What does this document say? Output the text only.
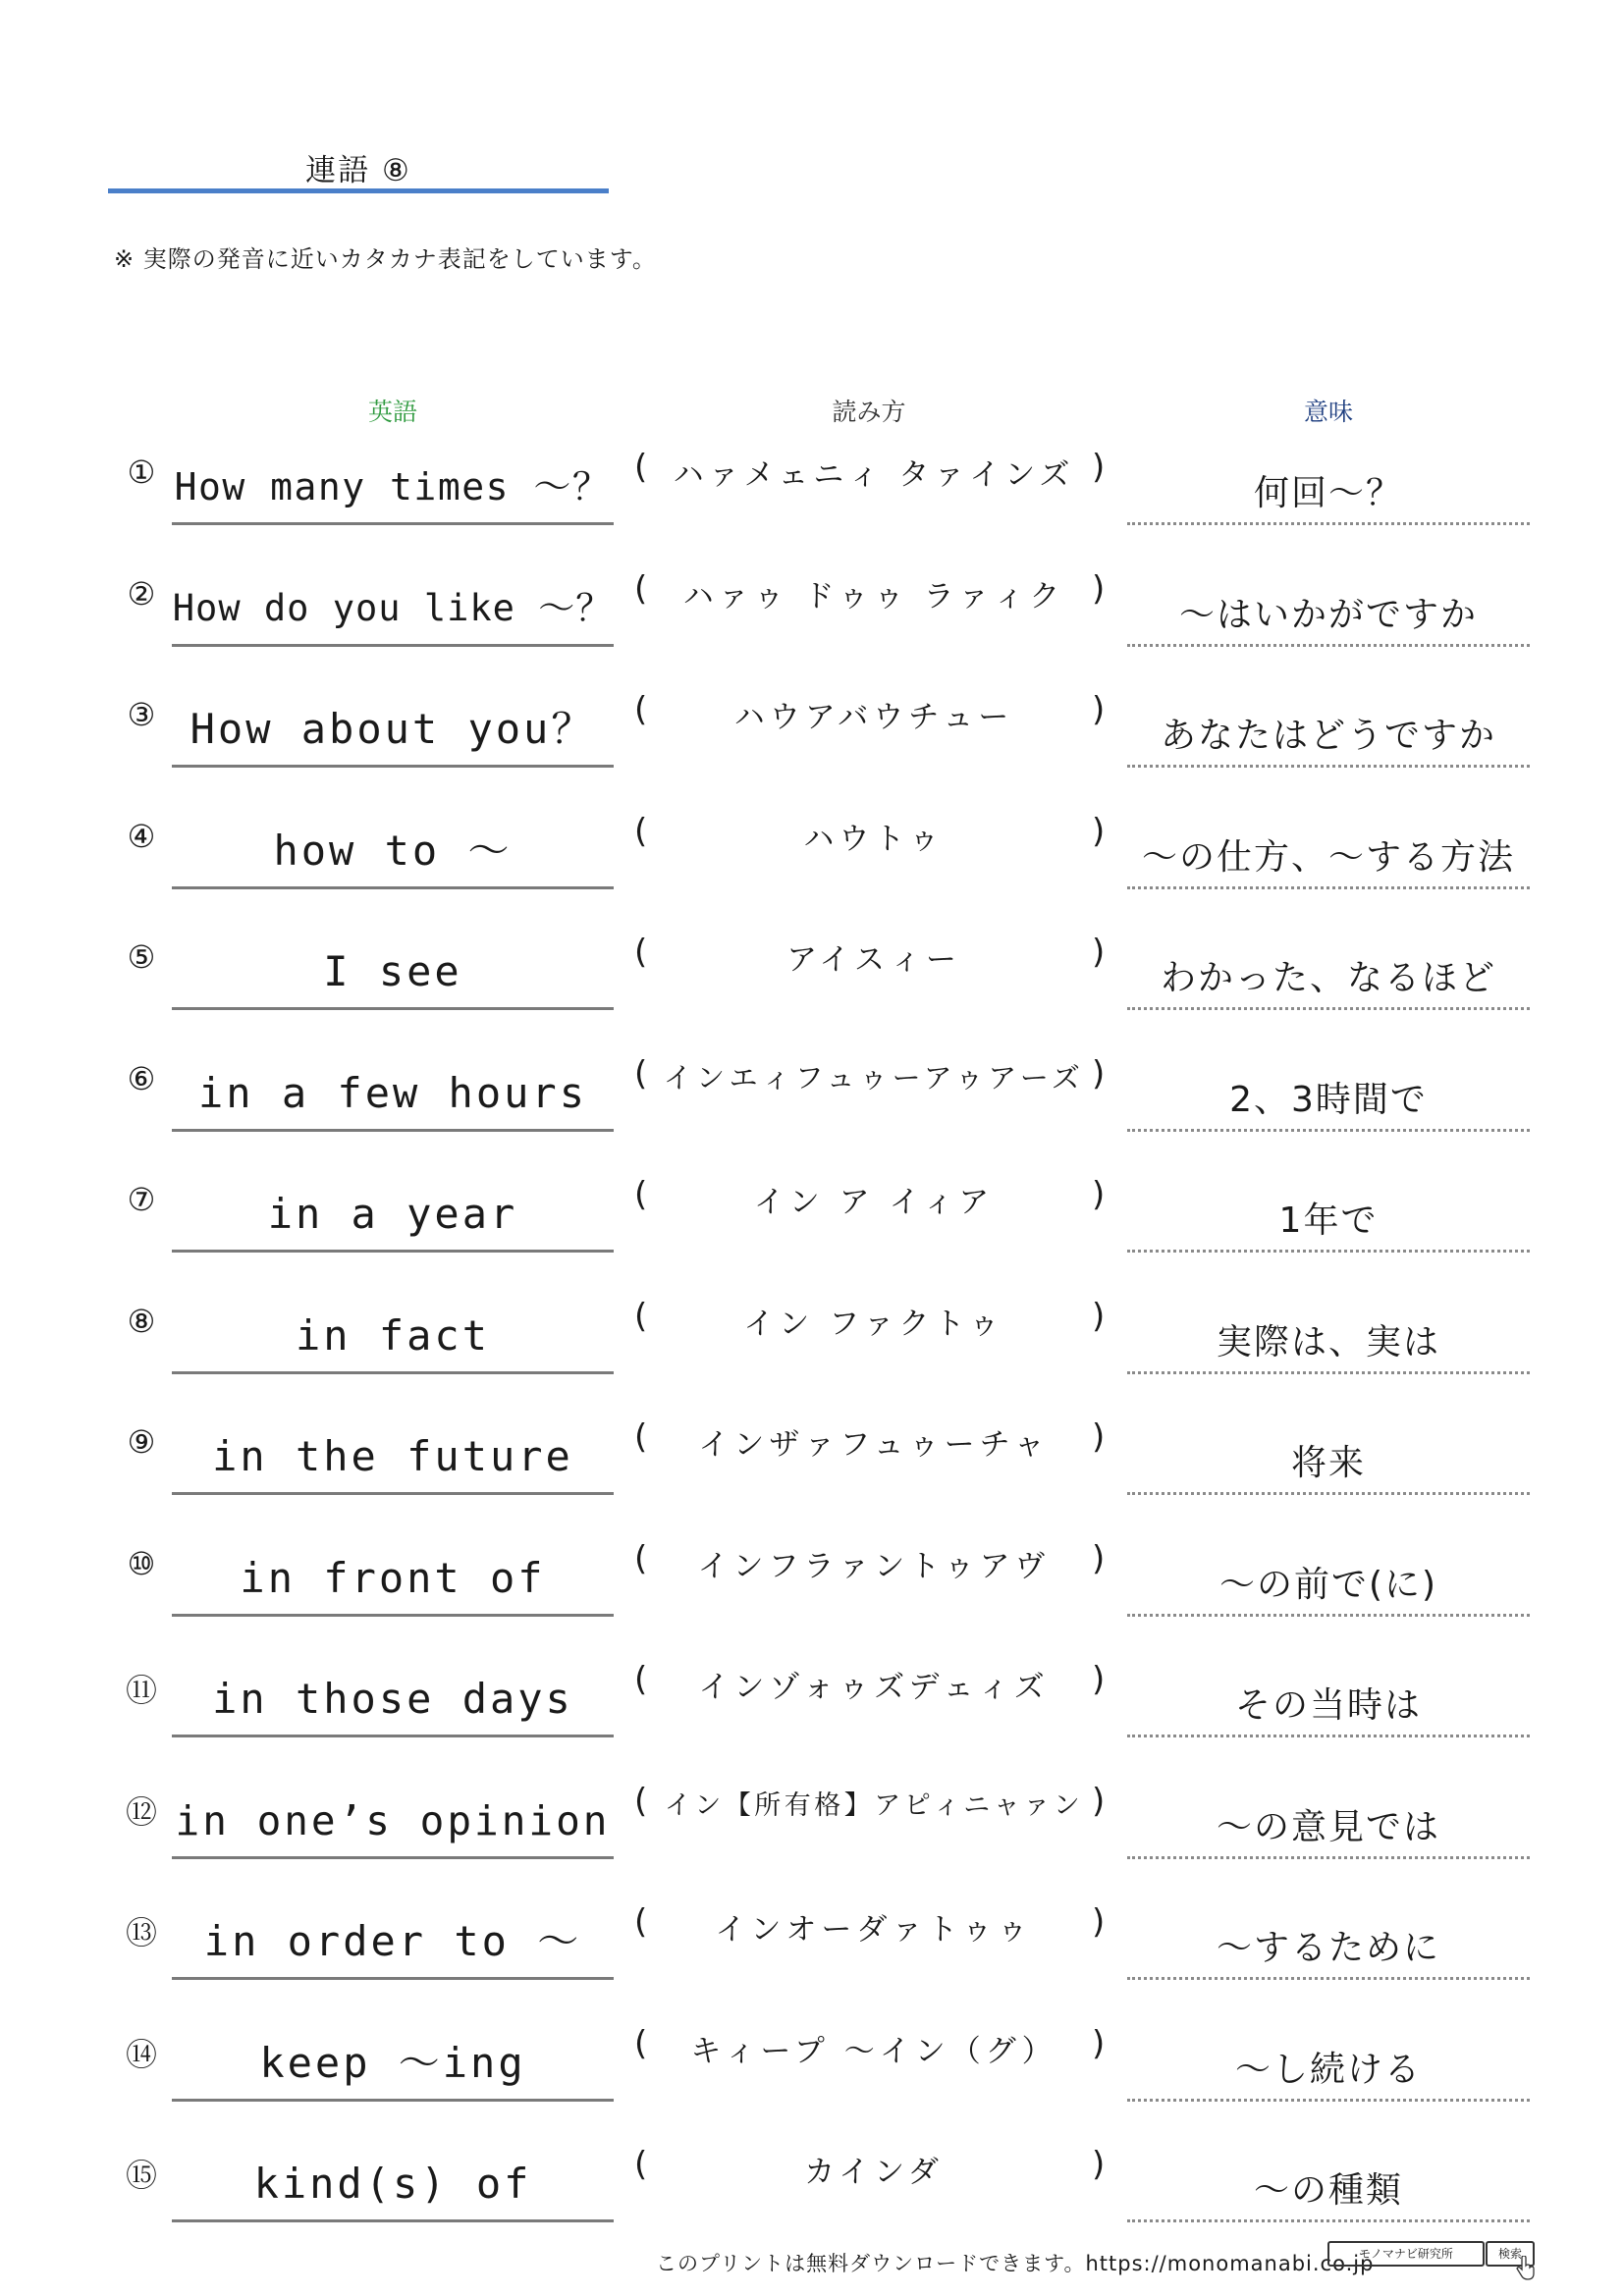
連語 ⑧
※ 実際の発音に近いカタカナ表記をしています。
英語	読み方	意味
① How many times ～？ ( ハァメェニィ タァインズ )
何回～？
② How do you like ～？ (	ハァゥ ドゥゥ ラァィク )
～はいかがですか
③ How about you？	(	ハウアバウチュー	)
あなたはどうですか
④	how to ～	(	ハウトゥ	)
～の仕方、～する方法
⑤	I see	(	アイスィー	)
わかった、なるほど
⑥	in a few hours	( インエィフュゥーアゥアーズ )
2、3時間で
⑦	in a year	(	イン ア イィア	)
1年で
⑧	in fact	(	イン ファクトゥ	)
実際は、実は
⑨	in the future	(	インザァフュゥーチャ	)
将来
⑩	in front of	(	インフラァントゥアヴ	)
～の前で(に)
⑪	in those days	(	インゾォゥズデェィズ	)
その当時は
⑫ in one’s opinion ( イン【所有格】アピィニャァン )
～の意見では
⑬	in order to ～	(	インオーダァトゥゥ	)
～するために
⑭	keep ～ing	(	キィープ ～イン（グ）	)
～し続ける
⑮	kind(s) of	(	カインダ	)
～の種類
このプリントは無料ダウンロードできます。https://monomanabi.co.jp
モノマナビ研究所	検索
